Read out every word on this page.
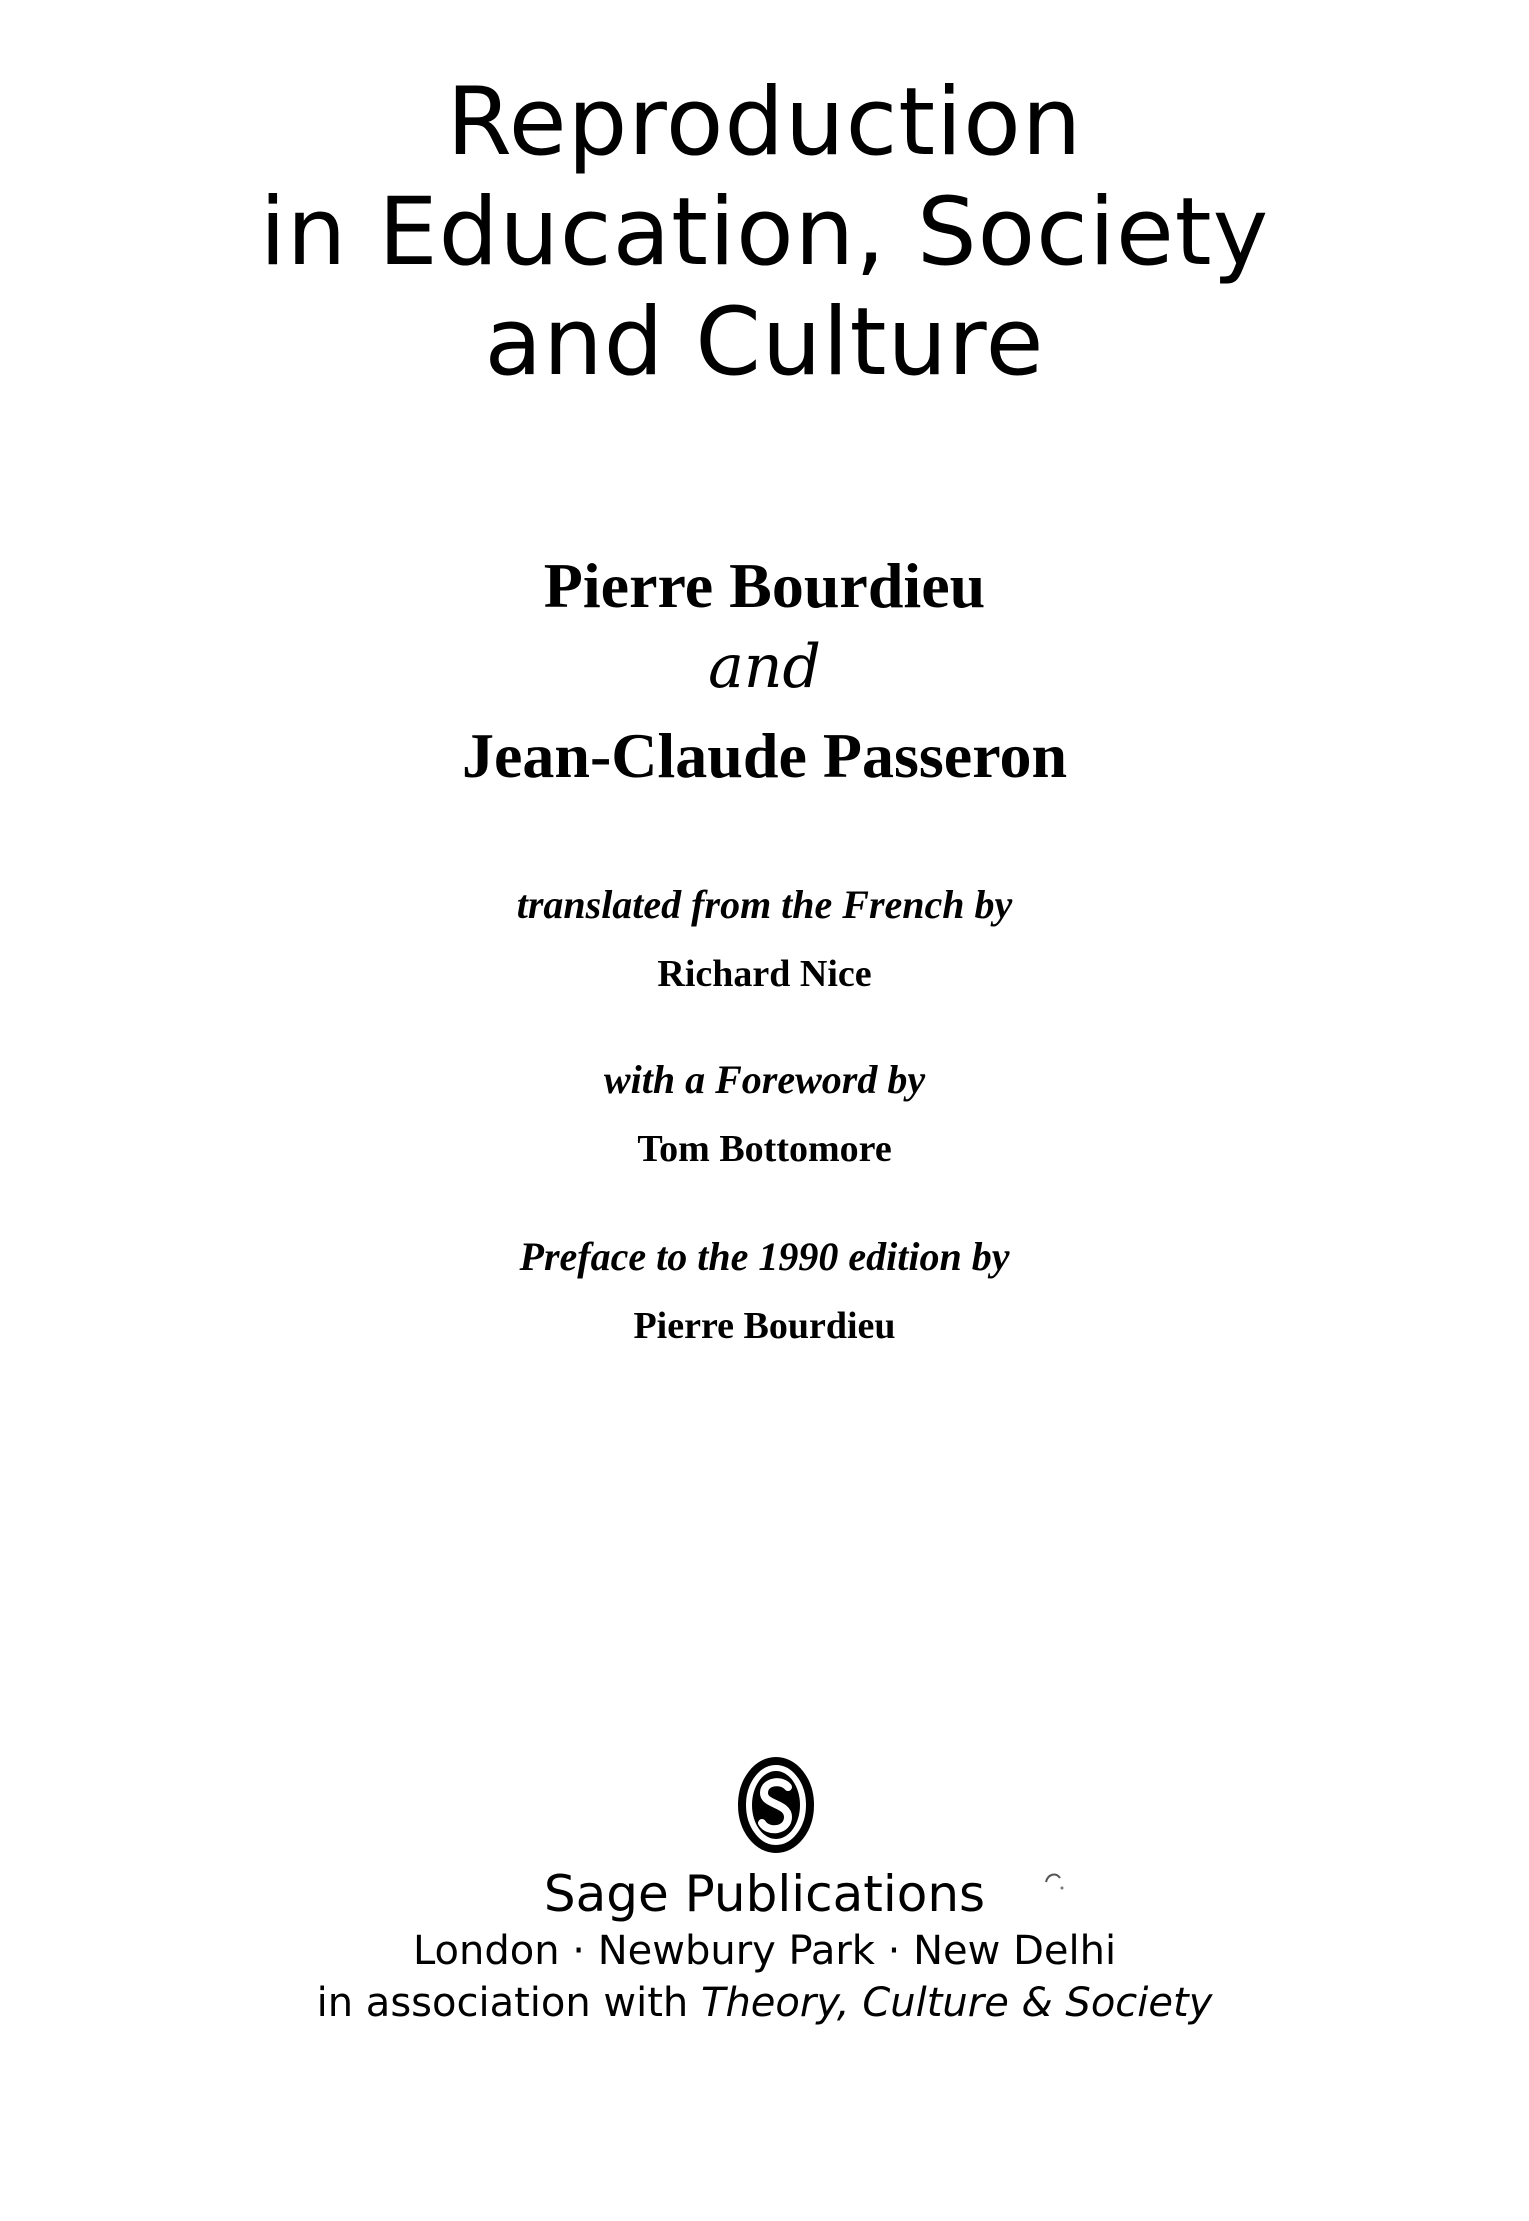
Reproduction
in Education, Society
and Culture
Pierre Bourdieu
and
Jean-Claude Passeron
translated from the French by
Richard Nice
with a Foreword by
Tom Bottomore
Preface to the 1990 edition by
Pierre Bourdieu
Sage Publications
London · Newbury Park · New Delhi
in association with Theory, Culture & Society
